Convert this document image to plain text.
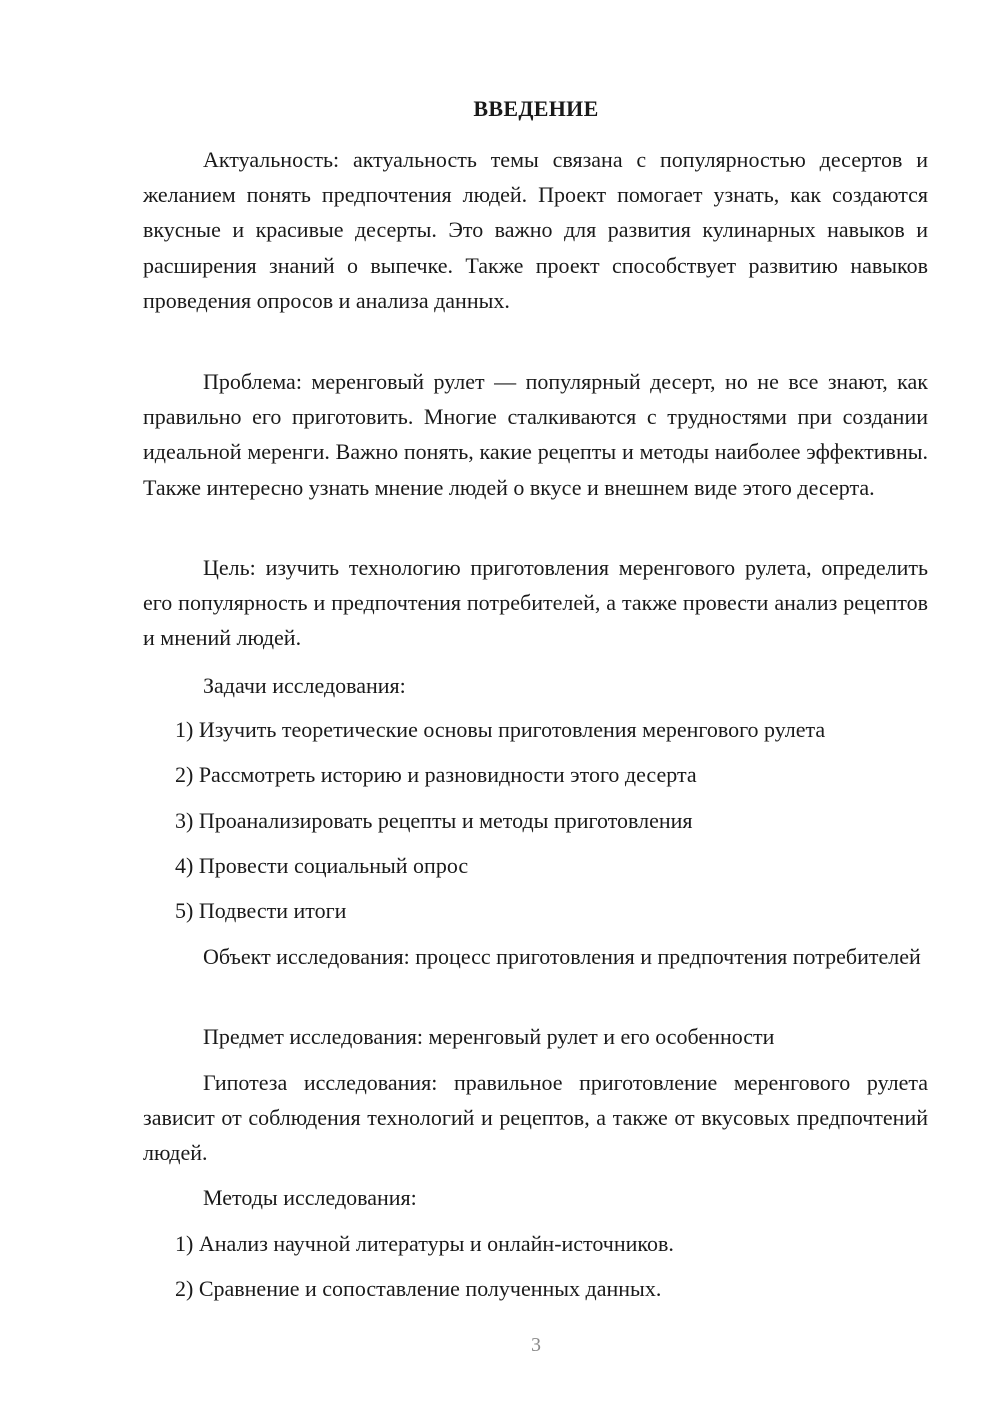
ВВЕДЕНИЕ

Актуальность: актуальность темы связана с популярностью десертов и желанием понять предпочтения людей. Проект помогает узнать, как создаются вкусные и красивые десерты. Это важно для развития кулинарных навыков и расширения знаний о выпечке. Также проект способствует развитию навыков проведения опросов и анализа данных.

Проблема: меренговый рулет — популярный десерт, но не все знают, как правильно его приготовить. Многие сталкиваются с трудностями при создании идеальной меренги. Важно понять, какие рецепты и методы наиболее эффективны. Также интересно узнать мнение людей о вкусе и внешнем виде этого десерта.

Цель: изучить технологию приготовления меренгового рулета, определить его популярность и предпочтения потребителей, а также провести анализ рецептов и мнений людей.

Задачи исследования:

1) Изучить теоретические основы приготовления меренгового рулета

2) Рассмотреть историю и разновидности этого десерта

3) Проанализировать рецепты и методы приготовления

4) Провести социальный опрос

5) Подвести итоги

Объект исследования: процесс приготовления и предпочтения потребителей

Предмет исследования: меренговый рулет и его особенности

Гипотеза исследования: правильное приготовление меренгового рулета зависит от соблюдения технологий и рецептов, а также от вкусовых предпочтений людей.

Методы исследования:

1) Анализ научной литературы и онлайн-источников.

2) Сравнение и сопоставление полученных данных.

3
